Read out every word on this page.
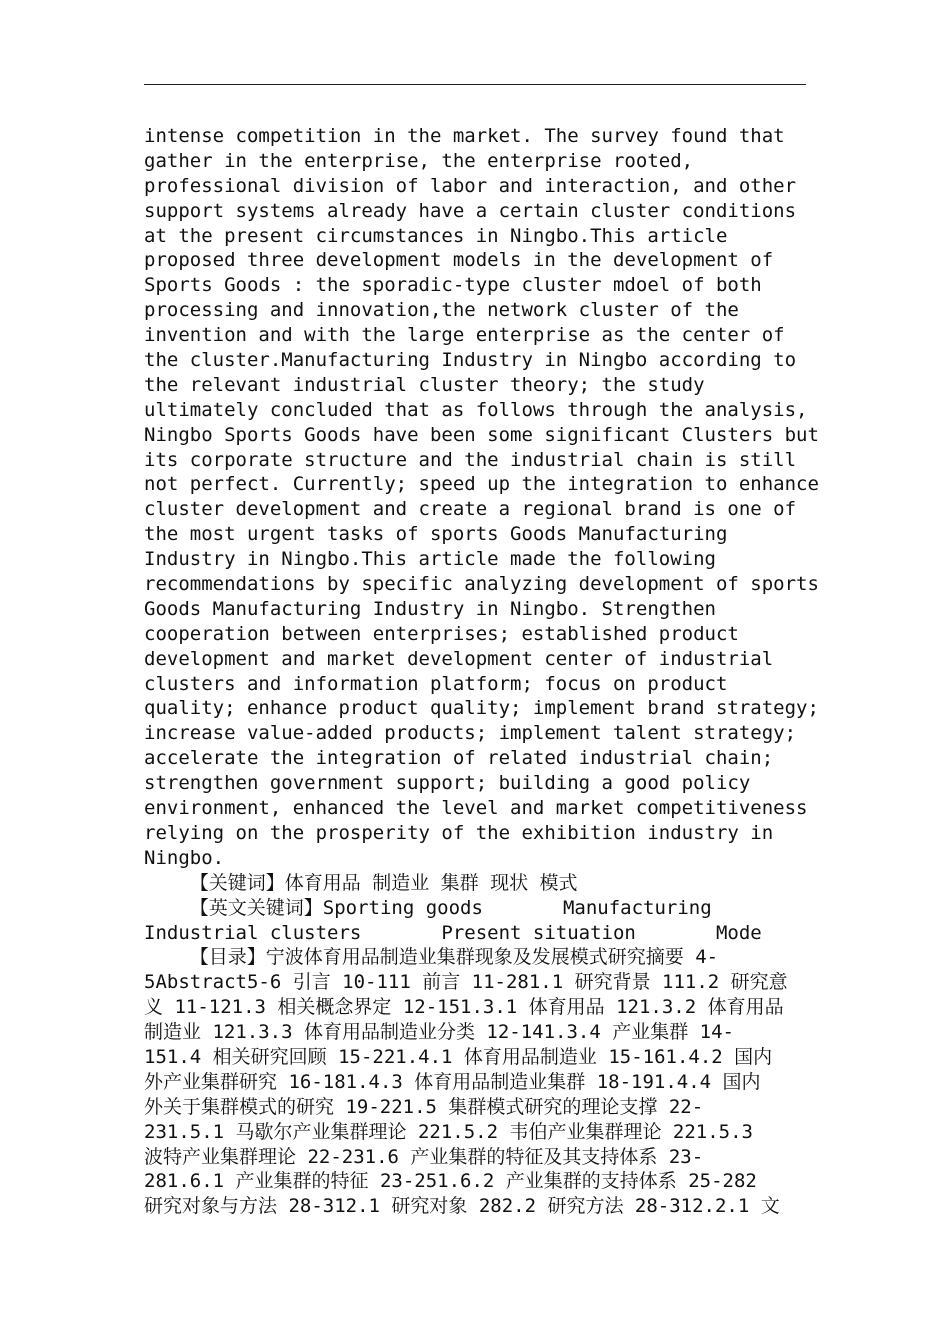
intense competition in the market. The survey found that
gather in the enterprise, the enterprise rooted,
professional division of labor and interaction, and other
support systems already have a certain cluster conditions
at the present circumstances in Ningbo.This article
proposed three development models in the development of
Sports Goods : the sporadic-type cluster mdoel of both
processing and innovation,the network cluster of the
invention and with the large enterprise as the center of
the cluster.Manufacturing Industry in Ningbo according to
the relevant industrial cluster theory; the study
ultimately concluded that as follows through the analysis,
Ningbo Sports Goods have been some significant Clusters but
its corporate structure and the industrial chain is still
not perfect. Currently; speed up the integration to enhance
cluster development and create a regional brand is one of
the most urgent tasks of sports Goods Manufacturing
Industry in Ningbo.This article made the following
recommendations by specific analyzing development of sports
Goods Manufacturing Industry in Ningbo. Strengthen
cooperation between enterprises; established product
development and market development center of industrial
clusters and information platform; focus on product
quality; enhance product quality; implement brand strategy;
increase value-added products; implement talent strategy;
accelerate the integration of related industrial chain;
strengthen government support; building a good policy
environment, enhanced the level and market competitiveness
relying on the prosperity of the exhibition industry in
Ningbo.
【关键词】体育用品 制造业 集群 现状 模式
【英文关键词】Sporting goods       Manufacturing
Industrial clusters       Present situation       Mode
【目录】宁波体育用品制造业集群现象及发展模式研究摘要 4-
5Abstract5-6 引言 10-111 前言 11-281.1 研究背景 111.2 研究意
义 11-121.3 相关概念界定 12-151.3.1 体育用品 121.3.2 体育用品
制造业 121.3.3 体育用品制造业分类 12-141.3.4 产业集群 14-
151.4 相关研究回顾 15-221.4.1 体育用品制造业 15-161.4.2 国内
外产业集群研究 16-181.4.3 体育用品制造业集群 18-191.4.4 国内
外关于集群模式的研究 19-221.5 集群模式研究的理论支撑 22-
231.5.1 马歇尔产业集群理论 221.5.2 韦伯产业集群理论 221.5.3
波特产业集群理论 22-231.6 产业集群的特征及其支持体系 23-
281.6.1 产业集群的特征 23-251.6.2 产业集群的支持体系 25-282
研究对象与方法 28-312.1 研究对象 282.2 研究方法 28-312.2.1 文
